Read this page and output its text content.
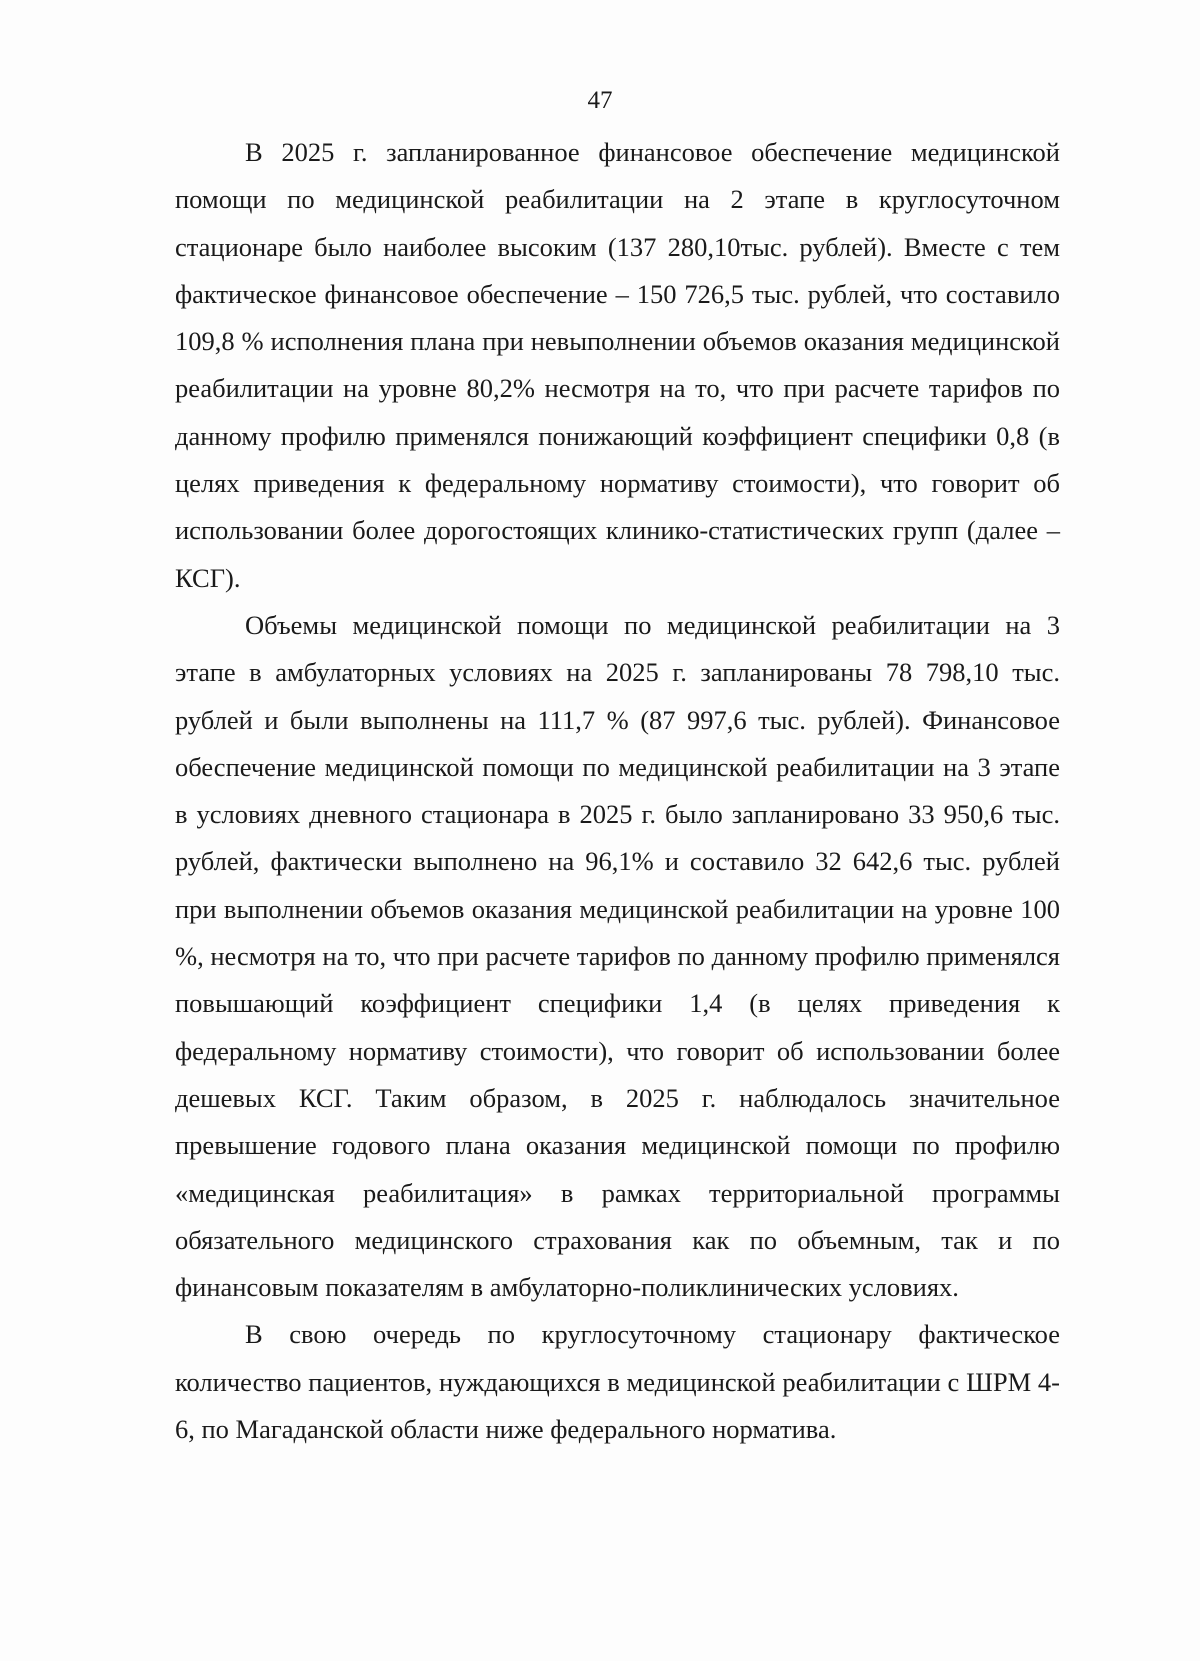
47

В 2025 г. запланированное финансовое обеспечение медицинской помощи по медицинской реабилитации на 2 этапе в круглосуточном стационаре было наиболее высоким (137 280,10тыс. рублей). Вместе с тем фактическое финансовое обеспечение – 150 726,5 тыс. рублей, что составило 109,8 % исполнения плана при невыполнении объемов оказания медицинской реабилитации на уровне 80,2% несмотря на то, что при расчете тарифов по данному профилю применялся понижающий коэффициент специфики 0,8 (в целях приведения к федеральному нормативу стоимости), что говорит об использовании более дорогостоящих клинико-статистических групп (далее – КСГ).

Объемы медицинской помощи по медицинской реабилитации на 3 этапе в амбулаторных условиях на 2025 г. запланированы 78 798,10 тыс. рублей и были выполнены на 111,7 % (87 997,6 тыс. рублей). Финансовое обеспечение медицинской помощи по медицинской реабилитации на 3 этапе в условиях дневного стационара в 2025 г. было запланировано 33 950,6 тыс. рублей, фактически выполнено на 96,1% и составило 32 642,6 тыс. рублей при выполнении объемов оказания медицинской реабилитации на уровне 100 %, несмотря на то, что при расчете тарифов по данному профилю применялся повышающий коэффициент специфики 1,4 (в целях приведения к федеральному нормативу стоимости), что говорит об использовании более дешевых КСГ. Таким образом, в 2025 г. наблюдалось значительное превышение годового плана оказания медицинской помощи по профилю «медицинская реабилитация» в рамках территориальной программы обязательного медицинского страхования как по объемным, так и по финансовым показателям в амбулаторно-поликлинических условиях.

В свою очередь по круглосуточному стационару фактическое количество пациентов, нуждающихся в медицинской реабилитации с ШРМ 4-6, по Магаданской области ниже федерального норматива.
